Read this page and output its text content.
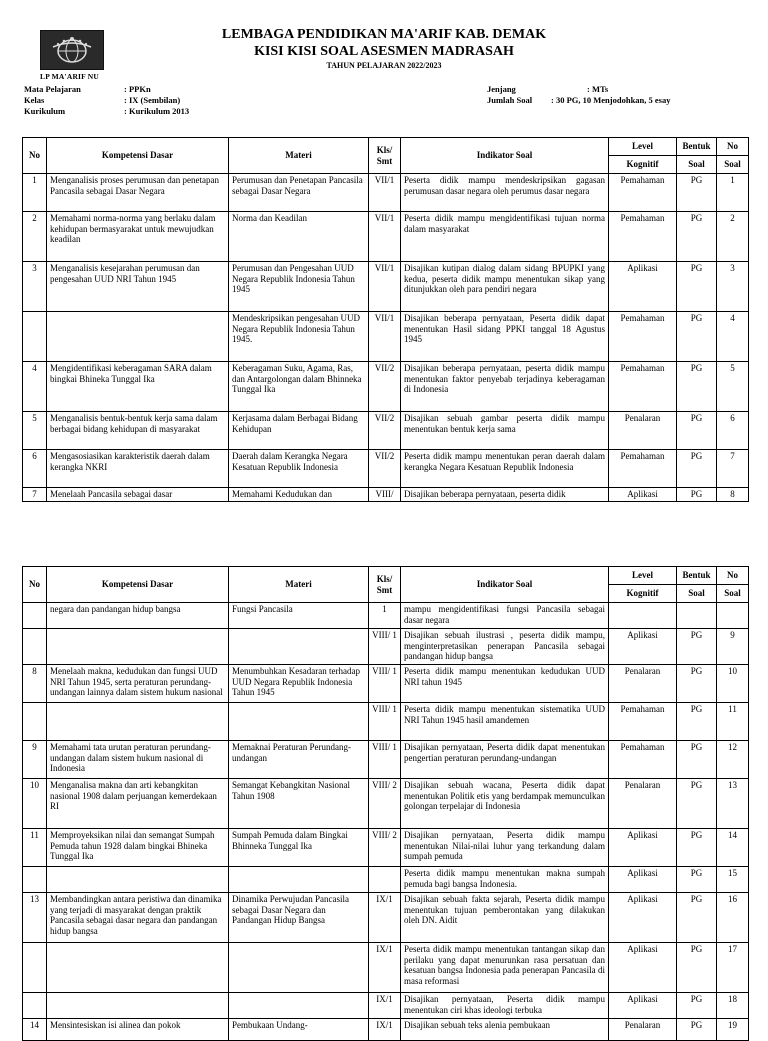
LP MA'ARIF NU
LEMBAGA PENDIDIKAN MA'ARIF KAB. DEMAK
KISI KISI SOAL ASESMEN MADRASAH
TAHUN PELAJARAN 2022/2023
Mata Pelajaran	: PPKn
Kelas	: IX (Sembilan)
Kurikulum	: Kurikulum 2013
Jenjang	: MTs
Jumlah Soal : 30 PG, 10 Menjodohkan, 5 esay
No	Kompetensi Dasar	Materi	Kls/ Smt	Indikator Soal	Level	Bentuk	No
					Kognitif	Soal	Soal
1	Menganalisis proses perumusan dan penetapan Pancasila sebagai Dasar Negara	Perumusan dan Penetapan Pancasila sebagai Dasar Negara	VII/1	Peserta didik mampu mendeskripsikan gagasan perumusan dasar negara oleh perumus dasar negara	Pemahaman	PG	1
2	Memahami norma-norma yang berlaku dalam kehidupan bermasyarakat untuk mewujudkan keadilan	Norma dan Keadilan	VII/1	Peserta didik mampu mengidentifikasi tujuan norma dalam masyarakat	Pemahaman	PG	2
3	Menganalisis kesejarahan perumusan dan pengesahan UUD NRI Tahun 1945	Perumusan dan Pengesahan UUD Negara Republik Indonesia Tahun 1945	VII/1	Disajikan kutipan dialog dalam sidang BPUPKI yang kedua, peserta didik mampu menentukan sikap yang ditunjukkan oleh para pendiri negara	Aplikasi	PG	3
		Mendeskripsikan pengesahan UUD Negara Republik Indonesia Tahun 1945.	VII/1	Disajikan beberapa pernyataan, Peserta didik dapat menentukan Hasil sidang PPKI tanggal 18 Agustus 1945	Pemahaman	PG	4
4	Mengidentifikasi keberagaman SARA dalam bingkai Bhineka Tunggal Ika	Keberagaman Suku, Agama, Ras, dan Antargolongan dalam Bhinneka Tunggal Ika	VII/2	Disajikan beberapa pernyataan, peserta didik mampu menentukan faktor penyebab terjadinya keberagaman di Indonesia	Pemahaman	PG	5
5	Menganalisis bentuk-bentuk kerja sama dalam berbagai bidang kehidupan di masyarakat	Kerjasama dalam Berbagai Bidang Kehidupan	VII/2	Disajikan sebuah gambar peserta didik mampu menentukan bentuk kerja sama	Penalaran	PG	6
6	Mengasosiasikan karakteristik daerah dalam kerangka NKRI	Daerah dalam Kerangka Negara Kesatuan Republik Indonesia	VII/2	Peserta didik mampu menentukan peran daerah dalam kerangka Negara Kesatuan Republik Indonesia	Pemahaman	PG	7
7	Menelaah Pancasila sebagai dasar	Memahami Kedudukan dan	VIII/	Disajikan beberapa pernyataan, peserta didik	Aplikasi	PG	8
No	Kompetensi Dasar	Materi	Kls/ Smt	Indikator Soal	Level	Bentuk	No
					Kognitif	Soal	Soal
	negara dan pandangan hidup bangsa	Fungsi Pancasila	1	mampu mengidentifikasi fungsi Pancasila sebagai dasar negara			
			VIII/ 1	Disajikan sebuah ilustrasi , peserta didik mampu, menginterpretasikan penerapan Pancasila sebagai pandangan hidup bangsa	Aplikasi	PG	9
8	Menelaah makna, kedudukan dan fungsi UUD NRI Tahun 1945, serta peraturan perundang-undangan lainnya dalam sistem hukum nasional	Menumbuhkan Kesadaran terhadap UUD Negara Republik Indonesia Tahun 1945	VIII/ 1	Peserta didik mampu menentukan kedudukan UUD NRI tahun 1945	Penalaran	PG	10
			VIII/ 1	Peserta didik mampu menentukan sistematika UUD NRI Tahun 1945 hasil amandemen	Pemahaman	PG	11
9	Memahami tata urutan peraturan perundang-undangan dalam sistem hukum nasional di Indonesia	Memaknai Peraturan Perundang-undangan	VIII/ 1	Disajikan pernyataan, Peserta didik dapat menentukan pengertian peraturan perundang-undangan	Pemahaman	PG	12
10	Menganalisa makna dan arti kebangkitan nasional 1908 dalam perjuangan kemerdekaan RI	Semangat Kebangkitan Nasional Tahun 1908	VIII/ 2	Disajikan sebuah wacana, Peserta didik dapat menentukan Politik etis yang berdampak memunculkan golongan terpelajar di Indonesia	Penalaran	PG	13
11	Memproyeksikan nilai dan semangat Sumpah Pemuda tahun 1928 dalam bingkai Bhineka Tunggal Ika	Sumpah Pemuda dalam Bingkai Bhinneka Tunggal Ika	VIII/ 2	Disajikan pernyataan, Peserta didik mampu menentukan Nilai-nilai luhur yang terkandung dalam sumpah pemuda	Aplikasi	PG	14
				Peserta didik mampu menentukan makna sumpah pemuda bagi bangsa Indonesia.	Aplikasi	PG	15
13	Membandingkan antara peristiwa dan dinamika yang terjadi di masyarakat dengan praktik Pancasila sebagai dasar negara dan pandangan hidup bangsa	Dinamika Perwujudan Pancasila sebagai Dasar Negara dan Pandangan Hidup Bangsa	IX/1	Disajikan sebuah fakta sejarah, Peserta didik mampu menentukan tujuan pemberontakan yang dilakukan oleh DN. Aidit	Aplikasi	PG	16
			IX/1	Peserta didik mampu menentukan tantangan sikap dan perilaku yang dapat menurunkan rasa persatuan dan kesatuan bangsa Indonesia pada penerapan Pancasila di masa reformasi	Aplikasi	PG	17
			IX/1	Disajikan pernyataan, Peserta didik mampu menentukan ciri khas ideologi terbuka	Aplikasi	PG	18
14	Mensintesiskan isi alinea dan pokok	Pembukaan Undang-	IX/1	Disajikan sebuah teks alenia pembukaan	Penalaran	PG	19
